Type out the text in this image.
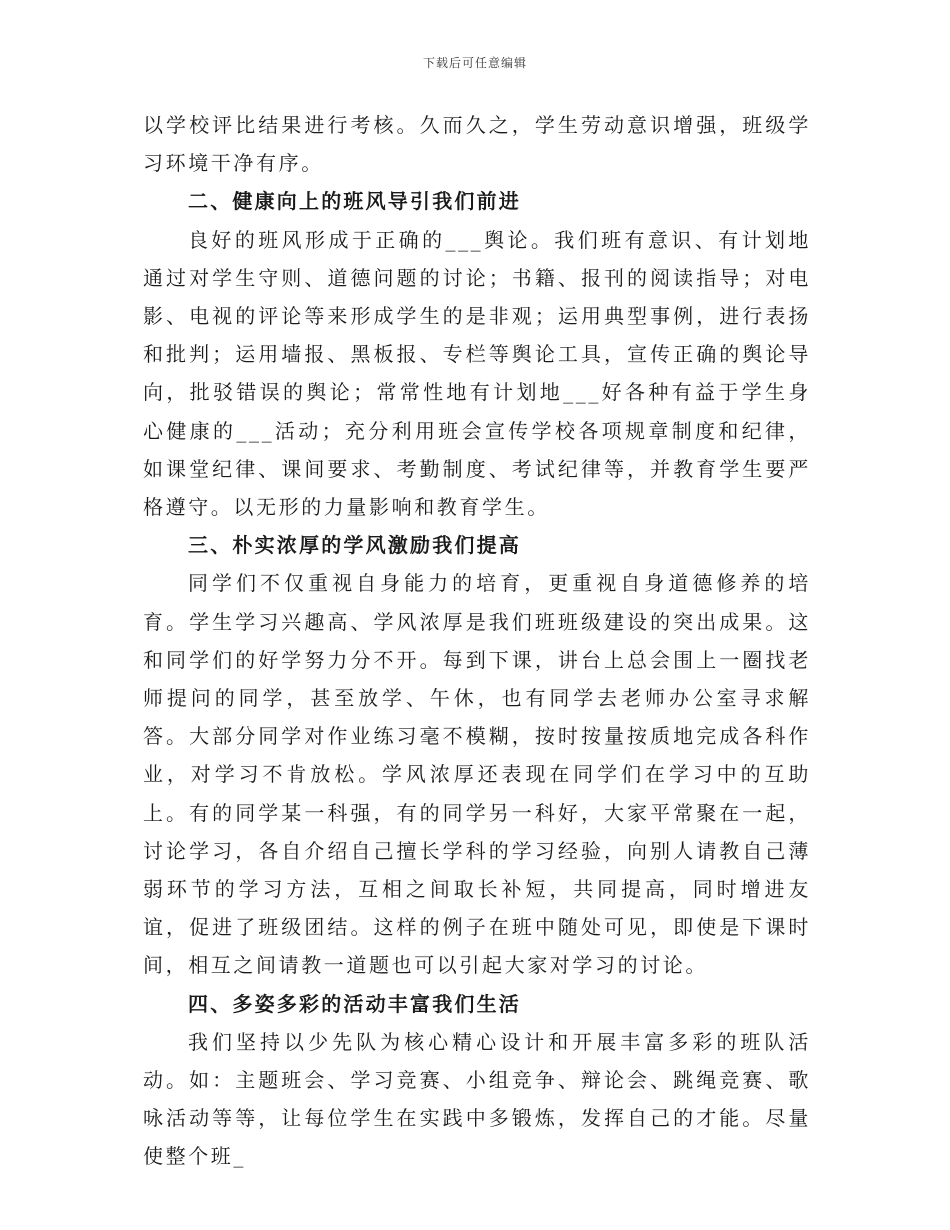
下载后可任意编辑

以学校评比结果进行考核。久而久之，学生劳动意识增强，班级学习环境干净有序。

二、健康向上的班风导引我们前进

良好的班风形成于正确的___舆论。我们班有意识、有计划地通过对学生守则、道德问题的讨论；书籍、报刊的阅读指导；对电影、电视的评论等来形成学生的是非观；运用典型事例，进行表扬和批判；运用墙报、黑板报、专栏等舆论工具，宣传正确的舆论导向，批驳错误的舆论；常常性地有计划地___好各种有益于学生身心健康的___活动；充分利用班会宣传学校各项规章制度和纪律，如课堂纪律、课间要求、考勤制度、考试纪律等，并教育学生要严格遵守。以无形的力量影响和教育学生。

三、朴实浓厚的学风激励我们提高

同学们不仅重视自身能力的培育，更重视自身道德修养的培育。学生学习兴趣高、学风浓厚是我们班班级建设的突出成果。这和同学们的好学努力分不开。每到下课，讲台上总会围上一圈找老师提问的同学，甚至放学、午休，也有同学去老师办公室寻求解答。大部分同学对作业练习毫不模糊，按时按量按质地完成各科作业，对学习不肯放松。学风浓厚还表现在同学们在学习中的互助上。有的同学某一科强，有的同学另一科好，大家平常聚在一起，讨论学习，各自介绍自己擅长学科的学习经验，向别人请教自己薄弱环节的学习方法，互相之间取长补短，共同提高，同时增进友谊，促进了班级团结。这样的例子在班中随处可见，即使是下课时间，相互之间请教一道题也可以引起大家对学习的讨论。

四、多姿多彩的活动丰富我们生活

我们坚持以少先队为核心精心设计和开展丰富多彩的班队活动。如：主题班会、学习竞赛、小组竞争、辩论会、跳绳竞赛、歌咏活动等等，让每位学生在实践中多锻炼，发挥自己的才能。尽量使整个班_
